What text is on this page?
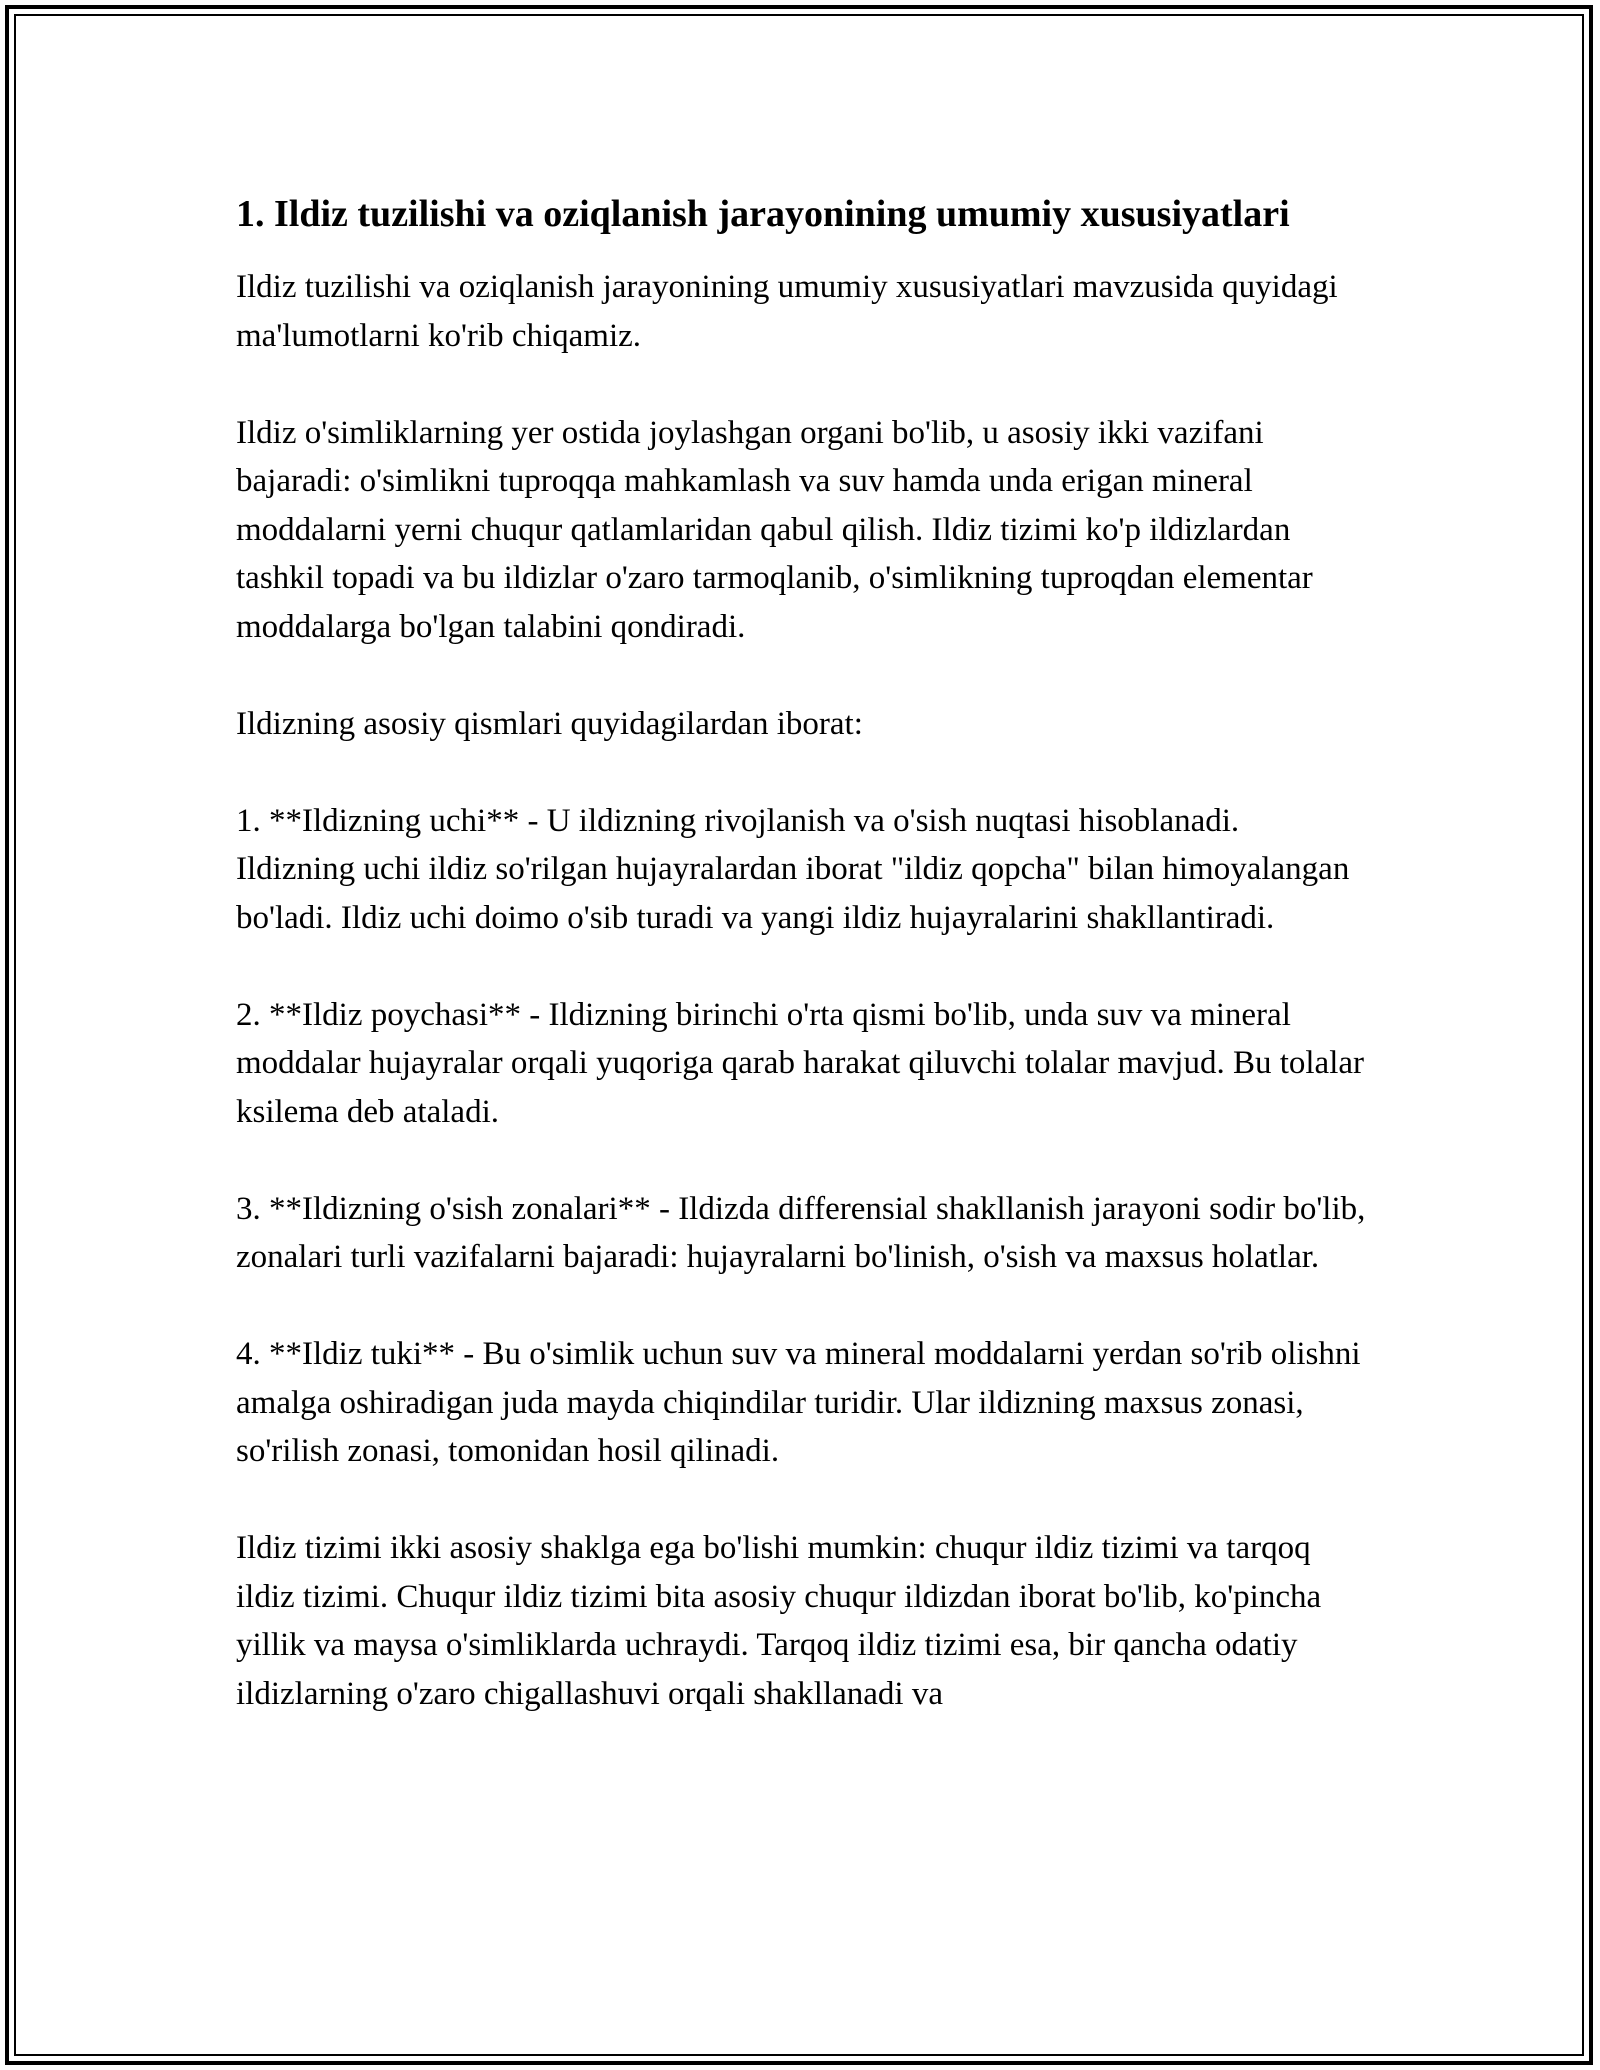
1. Ildiz tuzilishi va oziqlanish jarayonining umumiy xususiyatlari

Ildiz tuzilishi va oziqlanish jarayonining umumiy xususiyatlari mavzusida quyidagi ma'lumotlarni ko'rib chiqamiz.

Ildiz o'simliklarning yer ostida joylashgan organi bo'lib, u asosiy ikki vazifani bajaradi: o'simlikni tuproqqa mahkamlash va suv hamda unda erigan mineral moddalarni yerni chuqur qatlamlaridan qabul qilish. Ildiz tizimi ko'p ildizlardan tashkil topadi va bu ildizlar o'zaro tarmoqlanib, o'simlikning tuproqdan elementar moddalarga bo'lgan talabini qondiradi.

Ildizning asosiy qismlari quyidagilardan iborat:

1. **Ildizning uchi** - U ildizning rivojlanish va o'sish nuqtasi hisoblanadi. Ildizning uchi ildiz so'rilgan hujayralardan iborat "ildiz qopcha" bilan himoyalangan bo'ladi. Ildiz uchi doimo o'sib turadi va yangi ildiz hujayralarini shakllantiradi.

2. **Ildiz poychasi** - Ildizning birinchi o'rta qismi bo'lib, unda suv va mineral moddalar hujayralar orqali yuqoriga qarab harakat qiluvchi tolalar mavjud. Bu tolalar ksilema deb ataladi.

3. **Ildizning o'sish zonalari** - Ildizda differensial shakllanish jarayoni sodir bo'lib, zonalari turli vazifalarni bajaradi: hujayralarni bo'linish, o'sish va maxsus holatlar.

4. **Ildiz tuki** - Bu o'simlik uchun suv va mineral moddalarni yerdan so'rib olishni amalga oshiradigan juda mayda chiqindilar turidir. Ular ildizning maxsus zonasi, so'rilish zonasi, tomonidan hosil qilinadi.

Ildiz tizimi ikki asosiy shaklga ega bo'lishi mumkin: chuqur ildiz tizimi va tarqoq ildiz tizimi. Chuqur ildiz tizimi bita asosiy chuqur ildizdan iborat bo'lib, ko'pincha yillik va maysa o'simliklarda uchraydi. Tarqoq ildiz tizimi esa, bir qancha odatiy ildizlarning o'zaro chigallashuvi orqali shakllanadi va
